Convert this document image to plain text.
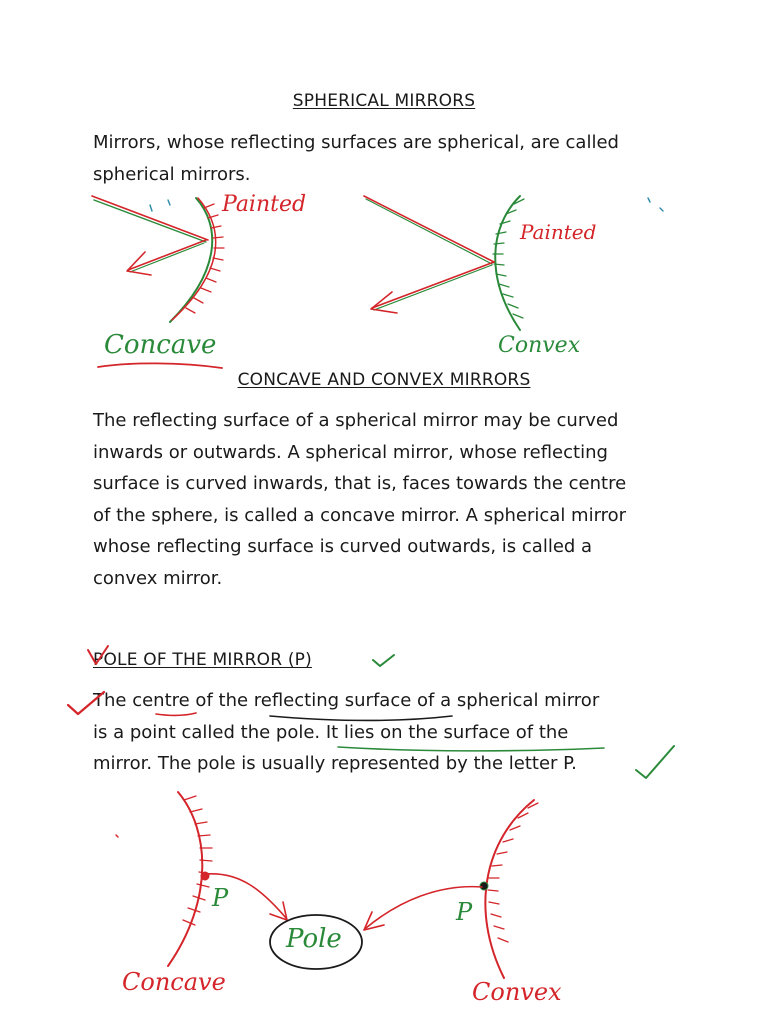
SPHERICAL MIRRORS
Mirrors, whose reflecting surfaces are spherical, are called
spherical mirrors.
CONCAVE AND CONVEX MIRRORS
The reflecting surface of a spherical mirror may be curved
inwards or outwards. A spherical mirror, whose reflecting
surface is curved inwards, that is, faces towards the centre
of the sphere, is called a concave mirror. A spherical mirror
whose reflecting surface is curved outwards, is called a
convex mirror.
POLE OF THE MIRROR (P)
The centre of the reflecting surface of a spherical mirror
is a point called the pole. It lies on the surface of the
mirror. The pole is usually represented by the letter P.
Painted
Painted
Concave	Convex
P	P
Pole
Concave	Convex
